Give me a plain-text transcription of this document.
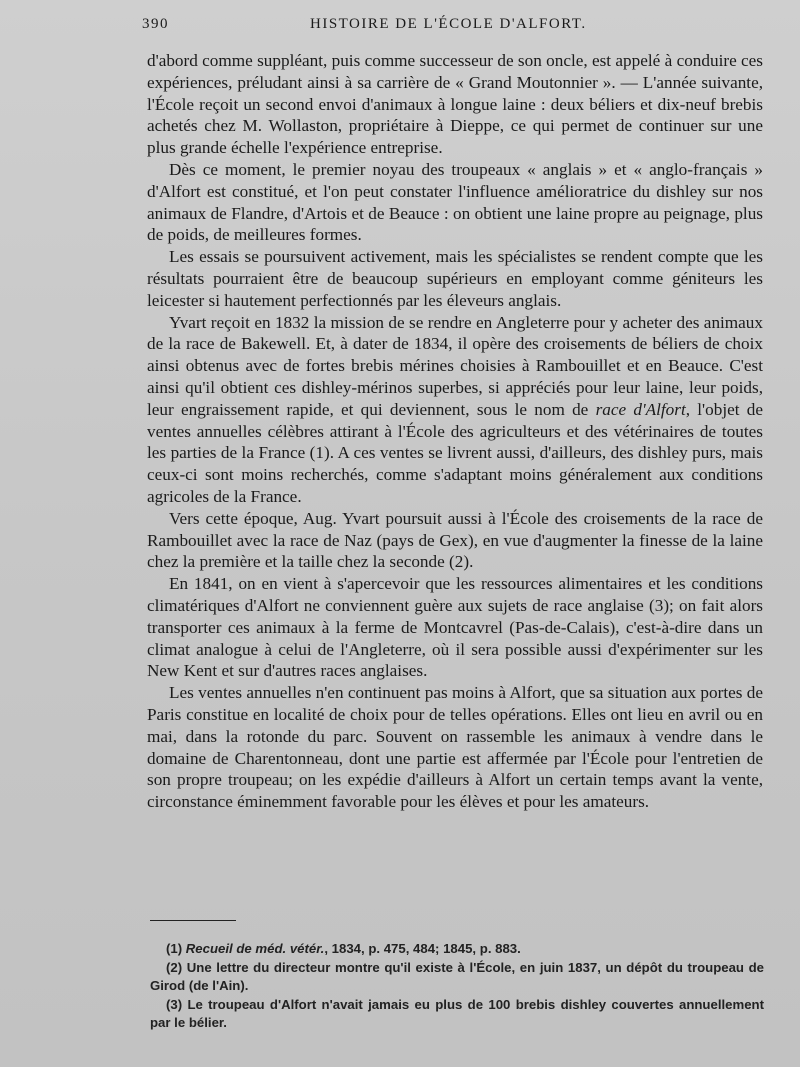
390	HISTOIRE DE L'ÉCOLE D'ALFORT.

d'abord comme suppléant, puis comme successeur de son oncle, est appelé à conduire ces expériences, préludant ainsi à sa carrière de « Grand Moutonnier ». — L'année suivante, l'École reçoit un second envoi d'animaux à longue laine : deux béliers et dix-neuf brebis achetés chez M. Wollaston, propriétaire à Dieppe, ce qui permet de continuer sur une plus grande échelle l'expérience entreprise.

Dès ce moment, le premier noyau des troupeaux « anglais » et « anglo-français » d'Alfort est constitué, et l'on peut constater l'influence amélioratrice du dishley sur nos animaux de Flandre, d'Artois et de Beauce : on obtient une laine propre au peignage, plus de poids, de meilleures formes.

Les essais se poursuivent activement, mais les spécialistes se rendent compte que les résultats pourraient être de beaucoup supérieurs en employant comme géniteurs les leicester si hautement perfectionnés par les éleveurs anglais.

Yvart reçoit en 1832 la mission de se rendre en Angleterre pour y acheter des animaux de la race de Bakewell. Et, à dater de 1834, il opère des croisements de béliers de choix ainsi obtenus avec de fortes brebis mérines choisies à Rambouillet et en Beauce. C'est ainsi qu'il obtient ces dishley-mérinos superbes, si appréciés pour leur laine, leur poids, leur engraissement rapide, et qui deviennent, sous le nom de race d'Alfort, l'objet de ventes annuelles célèbres attirant à l'École des agriculteurs et des vétérinaires de toutes les parties de la France (1). A ces ventes se livrent aussi, d'ailleurs, des dishley purs, mais ceux-ci sont moins recherchés, comme s'adaptant moins généralement aux conditions agricoles de la France.

Vers cette époque, Aug. Yvart poursuit aussi à l'École des croisements de la race de Rambouillet avec la race de Naz (pays de Gex), en vue d'augmenter la finesse de la laine chez la première et la taille chez la seconde (2).

En 1841, on en vient à s'apercevoir que les ressources alimentaires et les conditions climatériques d'Alfort ne conviennent guère aux sujets de race anglaise (3); on fait alors transporter ces animaux à la ferme de Montcavrel (Pas-de-Calais), c'est-à-dire dans un climat analogue à celui de l'Angleterre, où il sera possible aussi d'expérimenter sur les New Kent et sur d'autres races anglaises.

Les ventes annuelles n'en continuent pas moins à Alfort, que sa situation aux portes de Paris constitue en localité de choix pour de telles opérations. Elles ont lieu en avril ou en mai, dans la rotonde du parc. Souvent on rassemble les animaux à vendre dans le domaine de Charentonneau, dont une partie est affermée par l'École pour l'entretien de son propre troupeau; on les expédie d'ailleurs à Alfort un certain temps avant la vente, circonstance éminemment favorable pour les élèves et pour les amateurs.

(1) Recueil de méd. vétér., 1834, p. 475, 484; 1845, p. 883.

(2) Une lettre du directeur montre qu'il existe à l'École, en juin 1837, un dépôt du troupeau de Girod (de l'Ain).

(3) Le troupeau d'Alfort n'avait jamais eu plus de 100 brebis dishley couvertes annuellement par le bélier.
